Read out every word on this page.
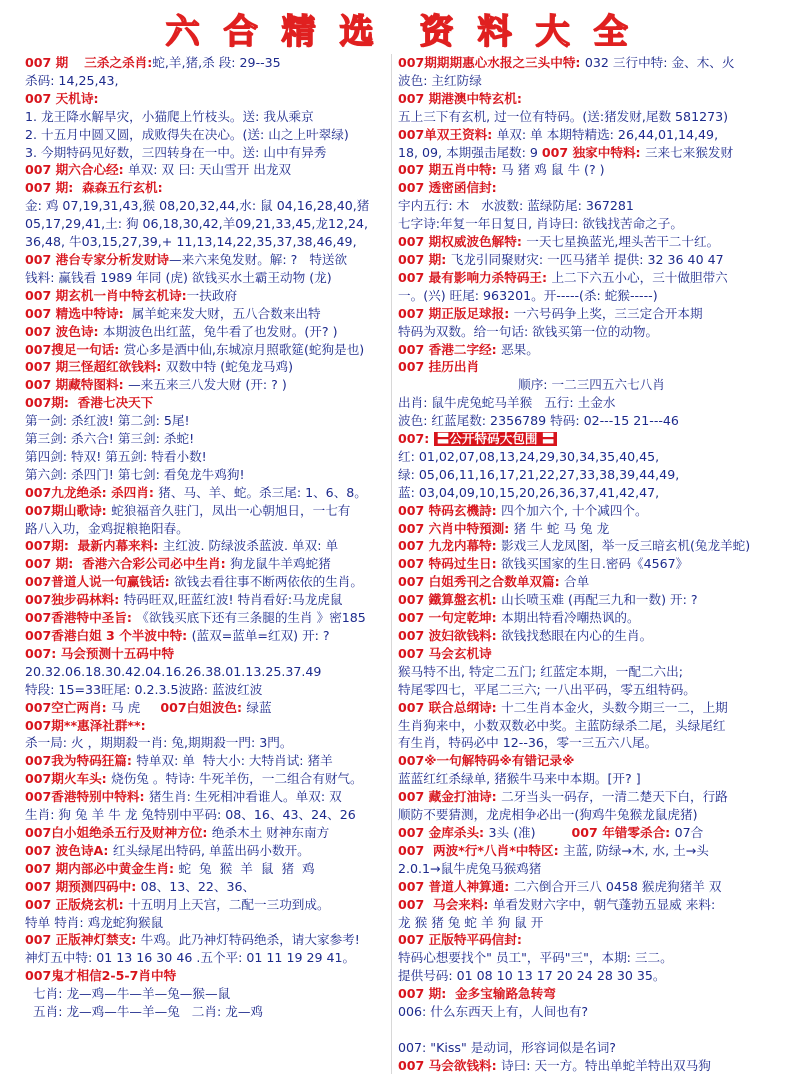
六 合 精 选 资 料 大 全
007 期 三杀之杀肖:蛇,羊,猪,杀 段: 29--35
杀码: 14,25,43,
007 天机诗:
1. 龙王降水解旱灾，小猫爬上竹枝头。送: 我从乘京
2. 十五月中圆又圆，成败得失在决心。(送: 山之上叶翠绿)
3. 今期特码见好数，三四转身在一中。送: 山中有异秀
007 期六合心经: 单双: 双 曰: 天山雪开 出龙双
007 期:  森森五行玄机:
金: 鸡 07,19,31,43,猴 08,20,32,44,水: 鼠 04,16,28,40,猪
05,17,29,41,土: 狗 06,18,30,42,羊09,21,33,45,龙12,24,
36,48, 牛03,15,27,39,+ 11,13,14,22,35,37,38,46,49,
007 港台专家分析发财诗—来六来兔发财。解: ?   特送欲
钱料: 赢钱看 1989 年同 (虎) 欲钱买水土霸王动物 (龙)
007 期玄机一肖中特玄机诗:一扶政府
007 精选中特诗:  属羊蛇来发大财，五八合数来出特
007 波色诗: 本期波色出红蓝，兔牛看了也发财。(开? )
007搜足一句话: 赏心多是酒中仙,东城凉月照歌筵(蛇狗是也)
007 期三怪超红欲钱料: 双数中特 (蛇兔龙马鸡)
007 期藏特图料: —来五来三八发大财 (开: ? )
007期:  香港七决天下
第一剑: 杀红波! 第二剑: 5尾!
第三剑: 杀六合! 第三剑: 杀蛇!
第四剑: 特双! 第五剑: 特看小数!
第六剑: 杀四门! 第七剑: 看兔龙牛鸡狗!
007九龙绝杀: 杀四肖: 猪、马、羊、蛇。杀三尾: 1、6、8。
007期山歌诗: 蛇狼福音久驻门，凤出一心朝旭日，一七有
路八入功，金鸡捉粮艳阳春。
007期:  最新内幕来料: 主红波. 防绿波杀蓝波. 单双: 单
007 期:  香港六合彩公司必中生肖: 狗龙鼠牛羊鸡蛇猪
007普道人说一句赢钱话: 欲钱去看往事不断两依依的生肖。
007独步码林料: 特码旺双,旺蓝红波! 特肖看好:马龙虎鼠
007香港特中圣旨: 《欲钱买底下还有三条腿的生肖 》密185
007香港白姐 3 个半波中特: (蓝双=蓝单=红双) 开: ?
007: 马会预测十五码中特
20.32.06.18.30.42.04.16.26.38.01.13.25.37.49
特段: 15=33旺尾: 0.2.3.5波路: 蓝波红波
007空亡两肖: 马 虎     007白姐波色: 绿蓝
007期**惠泽社群**:
杀一局: 火 ，期期殺一肖: 兔,期期殺一門: 3門。
007我为特码狂篇: 特单双: 单  特大小: 大特肖试: 猪羊
007期火车头: 烧伤兔 。特诗: 牛死羊伤，一二组合有财气。
007香港特别中特料: 猪生肖: 生死相冲看谁人。单双: 双
生肖: 狗 兔 羊 牛 龙 兔特别中平码: 08、16、43、24、26
007白小姐绝杀五行及财神方位: 绝杀木土 财神东南方
007 波色诗A: 红头绿尾出特码, 单蓝出码小数开。
007 期内部必中黄金生肖: 蛇  兔  猴  羊  鼠  猪  鸡
007 期预测四码中: 08、13、22、36、
007 正版烧玄机: 十五明月上天宫，二配一三功到成。
特单 特肖: 鸡龙蛇狗猴鼠
007 正版神灯禁支: 牛鸡。此乃神灯特码绝杀，请大家参考!
神灯五中特: 01 13 16 30 46 .五个平: 01 11 19 29 41。
007鬼才相信2-5-7肖中特
七肖: 龙—鸡—牛—羊—兔—猴—鼠
五肖: 龙—鸡—牛—羊—兔   二肖: 龙—鸡
007期期期惠心水报之三头中特: 032 三行中特: 金、木、火
波色: 主红防绿
007 期港澳中特玄机:
五上三下有玄机, 过一位有特码。(送:猪发财,尾数 581273)
007单双王资料: 单双: 单 本期特精选: 26,44,01,14,49,
18, 09, 本期强击尾数: 9 007 独家中特料: 三来七来猴发财
007 期五肖中特: 马 猪 鸡 鼠 牛 (? )
007 透密函信封:
宇内五行: 木   水波数: 蓝绿防尾: 367281
七字诗:年复一年日复日, 肖诗曰: 欲钱找苦命之子。
007 期权威波色解特: 一天七星换蓝光,埋头苦干二十红。
007 期: 飞龙引同聚财灾: 一匹马猪羊 提供: 32 36 40 47
007 最有影响力杀特码王: 上二下六五小心，三十做胆带六
一。(兴) 旺尾: 963201。开-----(杀: 蛇猴-----)
007 期正版足球报: 一六号码争上奖，三三定合开本期
特码为双数。给一句话: 欲钱买第一位的动物。
007 香港二字经: 恶果。
007 挂历出肖
顺序: 一二三四五六七八肖
出肖: 鼠牛虎兔蛇马羊猴   五行: 土金水
波色: 红蓝尾数: 2356789 特码: 02---15 21---46
007: 〓公开特码大包围 〓
红: 01,02,07,08,13,24,29,30,34,35,40,45,
绿: 05,06,11,16,17,21,22,27,33,38,39,44,49,
蓝: 03,04,09,10,15,20,26,36,37,41,42,47,
007 特码玄機詩: 四个加六个, 十个减四个。
007 六肖中特預測: 猪 牛 蛇 马 兔 龙
007 九龙内幕特: 影戏三人龙凤图，举一反三暗玄机(兔龙羊蛇)
007 特码过生日: 欲钱买国家的生日.密码《4567》
007 白姐秀刊之合数单双篇: 合单
007 鐵算盤玄机: 山长喷玉难 (再配三九和一数) 开: ?
007 一句定乾坤: 本期出特看冷嘲热讽的。
007 波妇欲钱料: 欲钱找愁眼在内心的生肖。
007 马会玄机诗
猴马特不出, 特定二五门; 红蓝定本期，一配二六出;
特尾零四七，平尾二三六; 一八出平码，零五组特码。
007 联合总纲诗: 十二生肖本金火，头数今期三一二，上期
生肖狗来中，小数双数必中奖。主蓝防绿杀二尾，头绿尾红
有生肖，特码必中 12--36，零一三五六八尾。
007※一句解特码※有错记录※
蓝蓝红红杀绿单, 猪猴牛马来中本期。[开? ]
007 藏金打油诗: 二牙当头一码存，一清二楚天下白，行路
顺防不要猜测，龙虎相争必出一(狗鸡牛兔猴龙鼠虎猪)
007 金库杀头: 3头 (准)         007 年错零杀合: 07合
007  两波*行*八肖*中特区: 主蓝, 防绿→木, 水, 土→头
2.0.1→鼠牛虎兔马猴鸡猪
007 普道人神算通: 二六倒合开三八 0458 猴虎狗猪羊 双
007  马会来料: 单看发财六字中，朝气蓬勃五显威 来料:
龙 猴 猪 兔 蛇 羊 狗 鼠 开
007 正版特平码信封:
特码心想要找个" 员工"，平码"三"，本期: 三二。
提供号码: 01 08 10 13 17 20 24 28 30 35。
007 期:  金多宝输路急转弯
006: 什么东西天上有，人间也有?

007: "Kiss" 是动词，形容词似是名词?
007 马会欲钱料: 诗曰: 天一方。特出单蛇羊特出双马狗
